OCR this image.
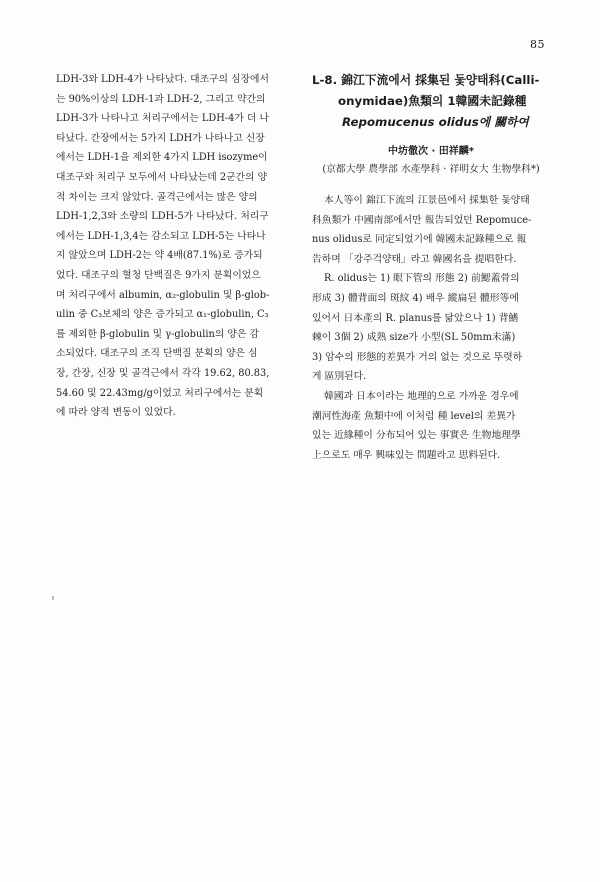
85
LDH-3와 LDH-4가 나타났다. 대조구의 심장에서
는 90%이상의 LDH-1과 LDH-2, 그리고 약간의
LDH-3가 나타나고 처리구에서는 LDH-4가 더 나
타났다. 간장에서는 5가지 LDH가 나타나고 신장
에서는 LDH-1을 제외한 4가지 LDH isozyme이
대조구와 처리구 모두에서 나타났는데 2군간의 양
적 차이는 크지 않았다. 골격근에서는 많은 양의
LDH-1,2,3와 소량의 LDH-5가 나타났다. 처리구
에서는 LDH-1,3,4는 감소되고 LDH-5는 나타나
지 않았으며 LDH-2는 약 4배(87.1%)로 증가되
었다. 대조구의 혈청 단백질은 9가지 분획이었으
며 처리구에서 albumin, α₂-globulin 및 β-glob-
ulin 중 C₃보체의 양은 증가되고 α₁-globulin, C₃
를 제외한 β-globulin 및 γ-globulin의 양은 감
소되었다. 대조구의 조직 단백질 분획의 양은 심
장, 간장, 신장 및 골격근에서 각각 19.62, 80.83,
54.60 및 22.43mg/g이었고 처리구에서는 분획
에 따라 양적 변동이 있었다.
L-8. 錦江下流에서 採集된 돛양태科(Calli-
onymidae)魚類의 1韓國未記錄種
Repomucenus olidus에 關하여
中坊徹次 · 田祥麟*
(京都大學 農學部 水產學科 · 祥明女大 生物學科*)
本人等이 錦江下流의 江景邑에서 採集한 돛양태
科魚類가 中國南部에서만 報告되었던 Repomuce-
nus olidus로 同定되었기에 韓國未記錄種으로 報
告하며 「강주걱양태」라고 韓國名을 提唱한다.
R. olidus는 1) 眼下管의 形態 2) 前鰓蓋骨의
形成 3) 體背面의 斑紋 4) 배우 縱扁된 體形等에
있어서 日本產의 R. planus를 닮았으나 1) 背鰭
棘이 3個 2) 成熟 size가 小型(SL 50mm未滿)
3) 암수의 形態的差異가 거의 없는 것으로 뚜렷하
게 區別된다.
韓國과 日本이라는 地理的으로 가까운 경우에
潮河性海產 魚類中에 이처럼 種 level의 差異가
있는 近緣種이 分布되어 있는 事實은 生物地理學
上으로도 매우 興味있는 問題라고 思料된다.
